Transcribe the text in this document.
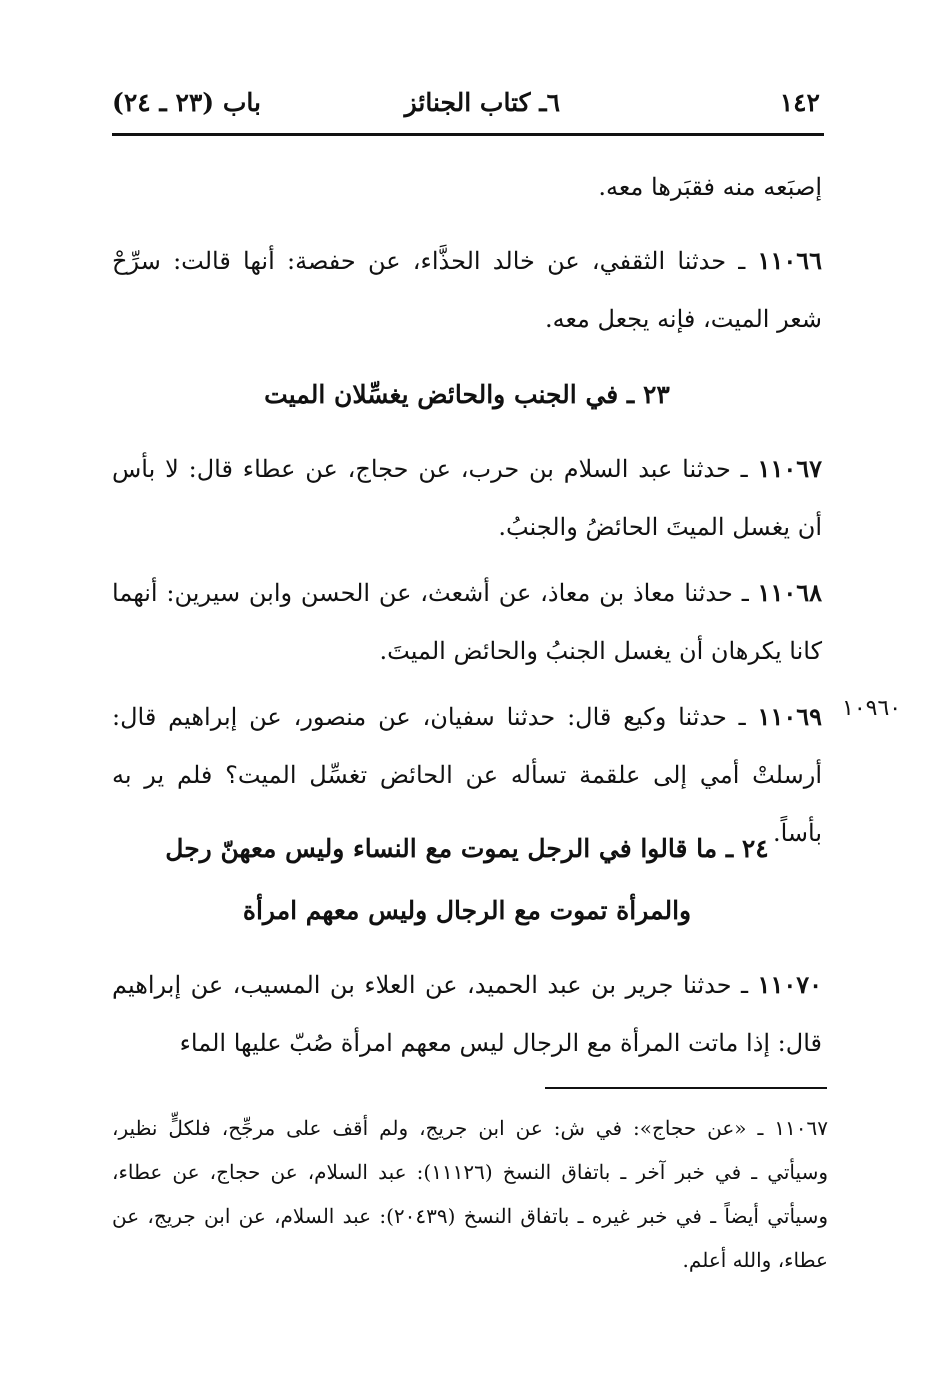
١٤٢
٦ـ كتاب الجنائز
باب (٢٣ ـ ٢٤)
إصبَعه منه فقبَرها معه.
١١٠٦٦ ـ حدثنا الثقفي، عن خالد الحذَّاء، عن حفصة: أنها قالت: سرِّحْ شعر الميت، فإنه يجعل معه.
٢٣ ـ في الجنب والحائض يغسِّلان الميت
١١٠٦٧ ـ حدثنا عبد السلام بن حرب، عن حجاج، عن عطاء قال: لا بأس أن يغسل الميتَ الحائضُ والجنبُ.
١١٠٦٨ ـ حدثنا معاذ بن معاذ، عن أشعث، عن الحسن وابن سيرين: أنهما كانا يكرهان أن يغسل الجنبُ والحائض الميتَ.
١٠٩٦٠
١١٠٦٩ ـ حدثنا وكيع قال: حدثنا سفيان، عن منصور، عن إبراهيم قال: أرسلتْ أمي إلى علقمة تسأله عن الحائض تغسِّل الميت؟ فلم ير به بأساً.
٢٤ ـ ما قالوا في الرجل يموت مع النساء وليس معهنّ رجل
والمرأة تموت مع الرجال وليس معهم امرأة
١١٠٧٠ ـ حدثنا جرير بن عبد الحميد، عن العلاء بن المسيب، عن إبراهيم قال: إذا ماتت المرأة مع الرجال ليس معهم امرأة صُبّ عليها الماء
١١٠٦٧ ـ «عن حجاج»: في ش: عن ابن جريج، ولم أقف على مرجِّح، فلكلٍّ نظير، وسيأتي ـ في خبر آخر ـ باتفاق النسخ (١١١٢٦): عبد السلام، عن حجاج، عن عطاء، وسيأتي أيضاً ـ في خبر غيره ـ باتفاق النسخ (٢٠٤٣٩): عبد السلام، عن ابن جريج، عن عطاء، والله أعلم.
